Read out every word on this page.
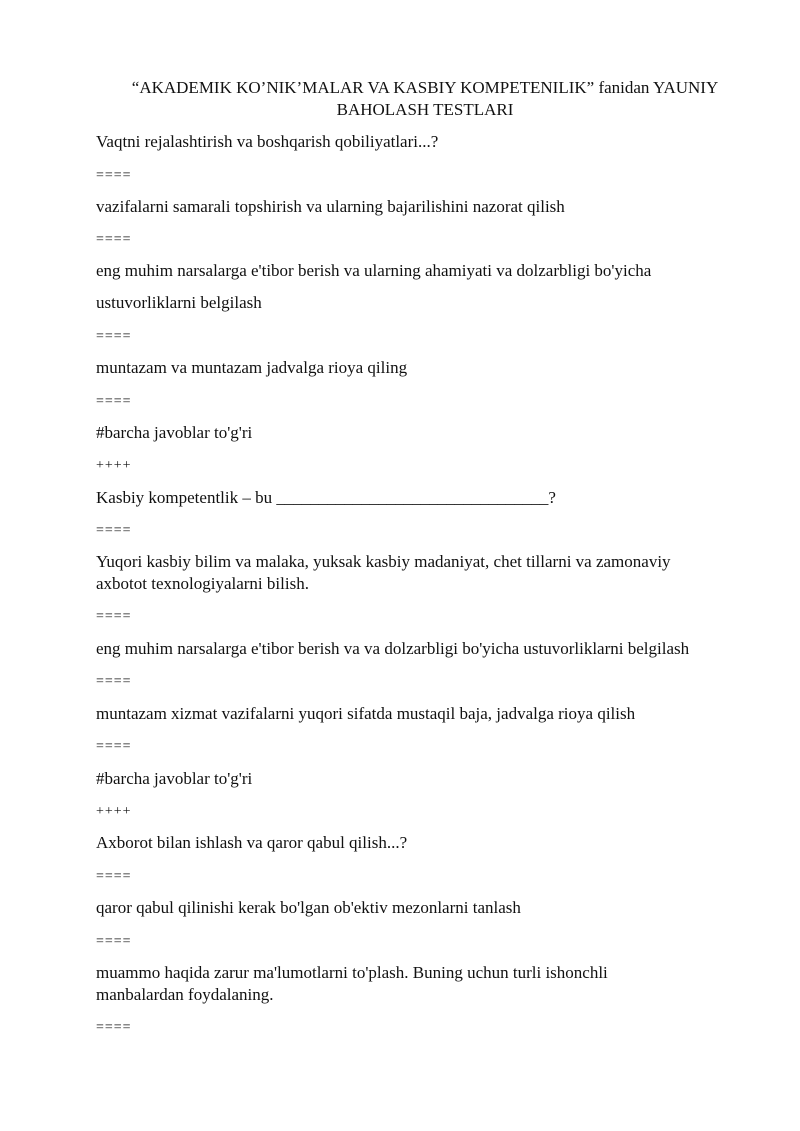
“AKADEMIK KO’NIK’MALAR VA KASBIY KOMPETENILIK” fanidan YAUNIY
BAHOLASH TESTLARI
Vaqtni rejalashtirish va boshqarish qobiliyatlari...?
====
vazifalarni samarali topshirish va ularning bajarilishini nazorat qilish
====
eng muhim narsalarga e'tibor berish va ularning ahamiyati va dolzarbligi bo'yicha
ustuvorliklarni belgilash
====
muntazam va muntazam jadvalga rioya qiling
====
#barcha javoblar to'g'ri
++++
Kasbiy kompetentlik – bu ________________________________?
====
Yuqori kasbiy bilim va malaka, yuksak kasbiy madaniyat, chet tillarni va zamonaviy
axbotot texnologiyalarni bilish.
====
eng muhim narsalarga e'tibor berish va va dolzarbligi bo'yicha ustuvorliklarni belgilash
====
muntazam xizmat vazifalarni yuqori sifatda mustaqil baja, jadvalga rioya qilish
====
#barcha javoblar to'g'ri
++++
Axborot bilan ishlash va qaror qabul qilish...?
====
qaror qabul qilinishi kerak bo'lgan ob'ektiv mezonlarni tanlash
====
muammo haqida zarur ma'lumotlarni to'plash. Buning uchun turli ishonchli
manbalardan foydalaning.
====
